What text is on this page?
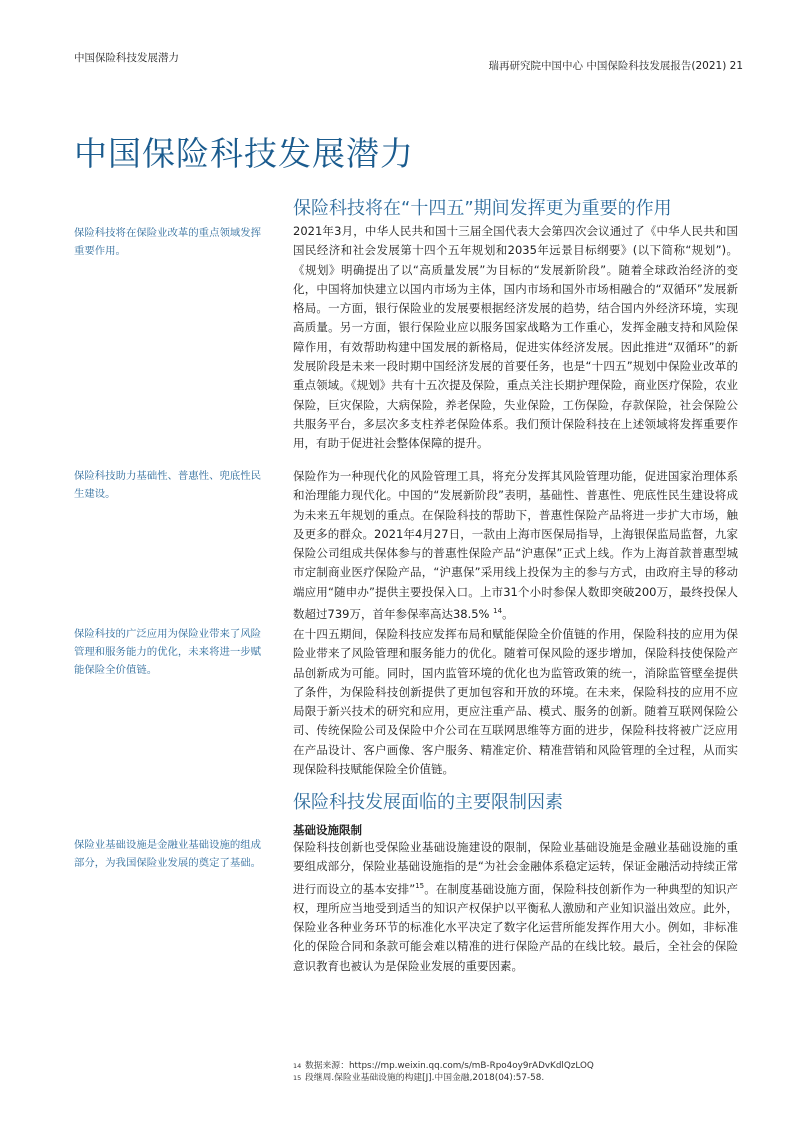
中国保险科技发展潜力
瑞再研究院中国中心 中国保险科技发展报告(2021) 21
中国保险科技发展潜力
保险科技将在“十四五”期间发挥更为重要的作用
保险科技将在保险业改革的重点领域发挥重要作用。

2021年3月，中华人民共和国十三届全国代表大会第四次会议通过了《中华人民共和国国民经济和社会发展第十四个五年规划和2035年远景目标纲要》(以下简称“规划”)。《规划》明确提出了以“高质量发展”为目标的“发展新阶段”。随着全球政治经济的变化，中国将加快建立以国内市场为主体，国内市场和国外市场相融合的“双循环”发展新格局。一方面，银行保险业的发展要根据经济发展的趋势，结合国内外经济环境，实现高质量。另一方面，银行保险业应以服务国家战略为工作重心，发挥金融支持和风险保障作用，有效帮助构建中国发展的新格局，促进实体经济发展。因此推进“双循环”的新发展阶段是未来一段时期中国经济发展的首要任务，也是“十四五”规划中保险业改革的重点领域。《规划》共有十五次提及保险，重点关注长期护理保险，商业医疗保险，农业保险，巨灾保险，大病保险，养老保险，失业保险，工伤保险，存款保险，社会保险公共服务平台，多层次多支柱养老保险体系。我们预计保险科技在上述领域将发挥重要作用，有助于促进社会整体保障的提升。

保险科技助力基础性、普惠性、兜底性民生建设。

保险作为一种现代化的风险管理工具，将充分发挥其风险管理功能，促进国家治理体系和治理能力现代化。中国的“发展新阶段”表明，基础性、普惠性、兜底性民生建设将成为未来五年规划的重点。在保险科技的帮助下，普惠性保险产品将进一步扩大市场，触及更多的群众。2021年4月27日，一款由上海市医保局指导，上海银保监局监督，九家保险公司组成共保体参与的普惠性保险产品“沪惠保”正式上线。作为上海首款普惠型城市定制商业医疗保险产品，“沪惠保”采用线上投保为主的参与方式，由政府主导的移动端应用“随申办”提供主要投保入口。上市31个小时参保人数即突破200万，最终投保人数超过739万，首年参保率高达38.5% $^{14}$。

保险科技的广泛应用为保险业带来了风险管理和服务能力的优化，未来将进一步赋能保险全价值链。

在十四五期间，保险科技应发挥布局和赋能保险全价值链的作用，保险科技的应用为保险业带来了风险管理和服务能力的优化。随着可保风险的逐步增加，保险科技使保险产品创新成为可能。同时，国内监管环境的优化也为监管政策的统一，消除监管壁垒提供了条件，为保险科技创新提供了更加包容和开放的环境。在未来，保险科技的应用不应局限于新兴技术的研究和应用，更应注重产品、模式、服务的创新。随着互联网保险公司、传统保险公司及保险中介公司在互联网思维等方面的进步，保险科技将被广泛应用在产品设计、客户画像、客户服务、精准定价、精准营销和风险管理的全过程，从而实现保险科技赋能保险全价值链。

保险科技发展面临的主要限制因素
基础设施限制
保险业基础设施是金融业基础设施的组成部分，为我国保险业发展的奠定了基础。

保险科技创新也受保险业基础设施建设的限制，保险业基础设施是金融业基础设施的重要组成部分，保险业基础设施指的是“为社会金融体系稳定运转，保证金融活动持续正常进行而设立的基本安排”$^{15}$。在制度基础设施方面，保险科技创新作为一种典型的知识产权，理所应当地受到适当的知识产权保护以平衡私人激励和产业知识溢出效应。此外，保险业各种业务环节的标准化水平决定了数字化运营所能发挥作用大小。例如，非标准化的保险合同和条款可能会难以精准的进行保险产品的在线比较。最后，全社会的保险意识教育也被认为是保险业发展的重要因素。

14 数据来源：https://mp.weixin.qq.com/s/mB-Rpo4oy9rADvKdlQzLOQ
15 段继周.保险业基础设施的构建[J].中国金融,2018(04):57-58.
